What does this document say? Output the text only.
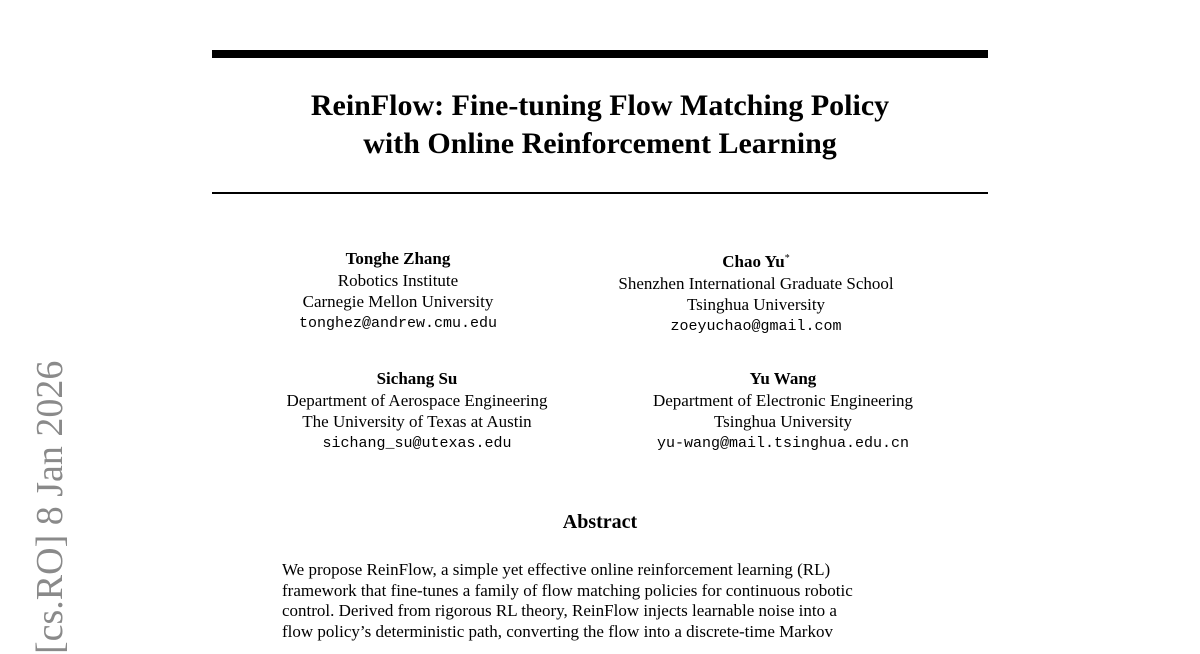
ReinFlow: Fine-tuning Flow Matching Policy
with Online Reinforcement Learning
Tonghe Zhang
Robotics Institute
Carnegie Mellon University
tonghez@andrew.cmu.edu
Chao Yu*
Shenzhen International Graduate School
Tsinghua University
zoeyuchao@gmail.com
Sichang Su
Department of Aerospace Engineering
The University of Texas at Austin
sichang_su@utexas.edu
Yu Wang
Department of Electronic Engineering
Tsinghua University
yu-wang@mail.tsinghua.edu.cn
Abstract
We propose ReinFlow, a simple yet effective online reinforcement learning (RL)
framework that fine-tunes a family of flow matching policies for continuous robotic
control. Derived from rigorous RL theory, ReinFlow injects learnable noise into a
flow policy’s deterministic path, converting the flow into a discrete-time Markov
[cs.RO] 8 Jan 2026
